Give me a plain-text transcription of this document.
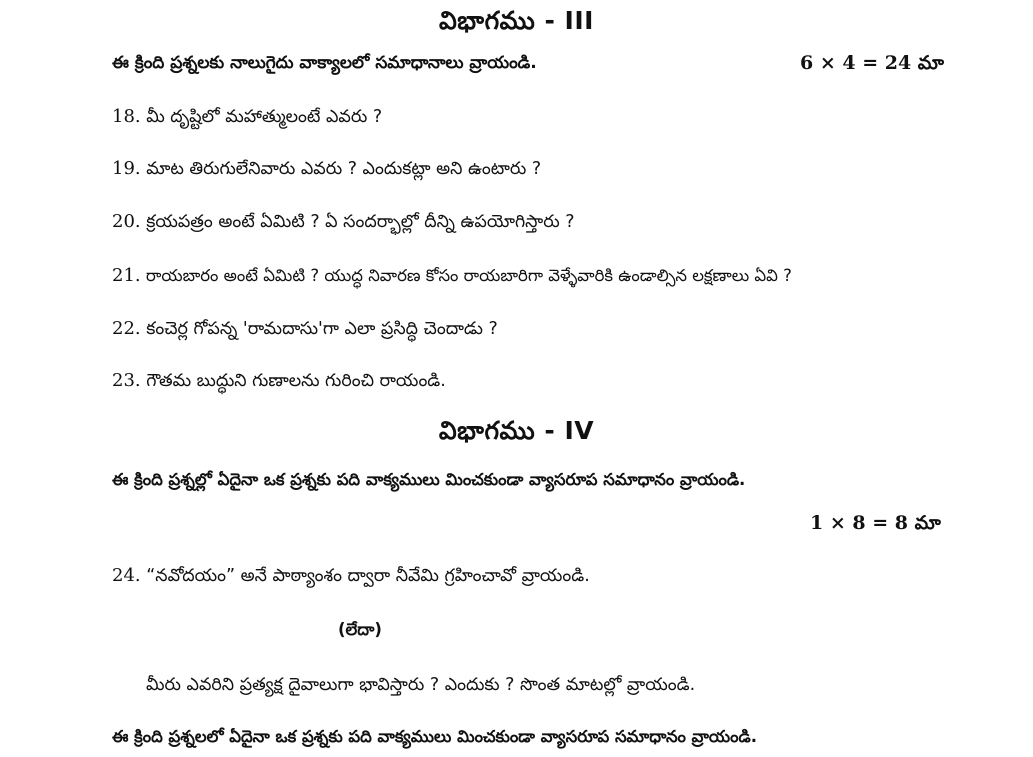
విభాగము - III
ఈ క్రింది ప్రశ్నలకు నాలుగైదు వాక్యాలలో సమాధానాలు వ్రాయండి.	6 × 4 = 24 మా
18. మీ దృష్టిలో మహాత్ములంటే ఎవరు ?
19. మాట తిరుగులేనివారు ఎవరు ? ఎందుకట్లా అని ఉంటారు ?
20. క్రయపత్రం అంటే ఏమిటి ? ఏ సందర్భాల్లో దీన్ని ఉపయోగిస్తారు ?
21. రాయబారం అంటే ఏమిటి ? యుద్ధ నివారణ కోసం రాయబారిగా వెళ్ళేవారికి ఉండాల్సిన లక్షణాలు ఏవి ?
22. కంచెర్ల గోపన్న 'రామదాసు'గా ఎలా ప్రసిద్ధి చెందాడు ?
23. గౌతమ బుద్ధుని గుణాలను గురించి రాయండి.
విభాగము - IV
ఈ క్రింది ప్రశ్నల్లో ఏదైనా ఒక ప్రశ్నకు పది వాక్యములు మించకుండా వ్యాసరూప సమాధానం వ్రాయండి.
1 × 8 = 8 మా
24. “నవోదయం” అనే పాఠ్యాంశం ద్వారా నీవేమి గ్రహించావో వ్రాయండి.
(లేదా)
మీరు ఎవరిని ప్రత్యక్ష దైవాలుగా భావిస్తారు ? ఎందుకు ? సొంత మాటల్లో వ్రాయండి.
ఈ క్రింది ప్రశ్నలలో ఏదైనా ఒక ప్రశ్నకు పది వాక్యములు మించకుండా వ్యాసరూప సమాధానం వ్రాయండి.
